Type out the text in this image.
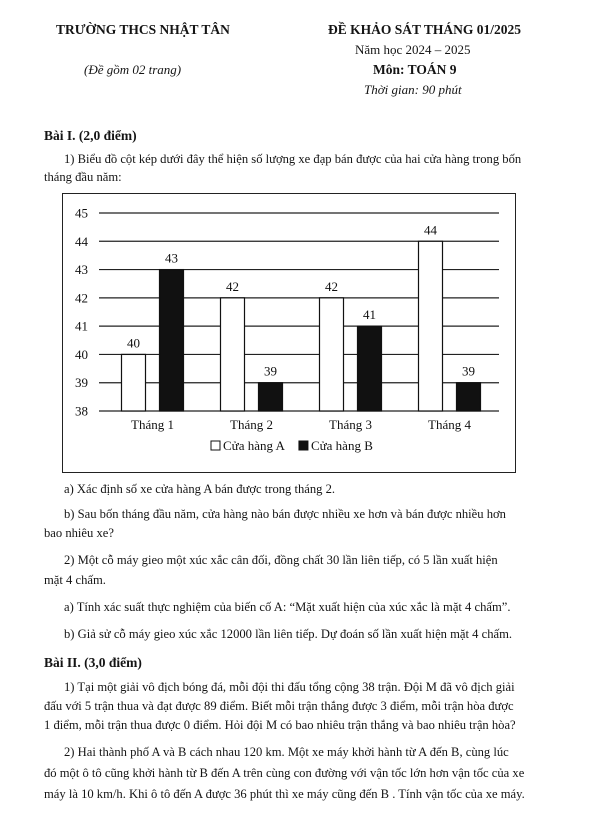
TRƯỜNG THCS NHẬT TÂN
(Đề gồm 02 trang)
ĐỀ KHẢO SÁT THÁNG 01/2025
Năm học 2024 – 2025
Môn: TOÁN 9
Thời gian: 90 phút
Bài I. (2,0 điểm)
1) Biểu đồ cột kép dưới đây thể hiện số lượng xe đạp bán được của hai cửa hàng trong bốn tháng đầu năm:
38
39
40
41
42
43
44
45
40
43
Tháng 1
42
39
Tháng 2
42
41
Tháng 3
44
39
Tháng 4
Cửa hàng A Cửa hàng B
a) Xác định số xe cửa hàng A bán được trong tháng 2.
b) Sau bốn tháng đầu năm, cửa hàng nào bán được nhiều xe hơn và bán được nhiều hơn
bao nhiêu xe?
2) Một cỗ máy gieo một xúc xắc cân đối, đồng chất 30 lần liên tiếp, có 5 lần xuất hiện
mặt 4 chấm.
a) Tính xác suất thực nghiệm của biến cố A: “Mặt xuất hiện của xúc xắc là mặt 4 chấm”.
b) Giả sử cỗ máy gieo xúc xắc 12000 lần liên tiếp. Dự đoán số lần xuất hiện mặt 4 chấm.
Bài II. (3,0 điểm)
1) Tại một giải vô địch bóng đá, mỗi đội thi đấu tổng cộng 38 trận. Đội M đã vô địch giải
đấu với 5 trận thua và đạt được 89 điểm. Biết mỗi trận thắng được 3 điểm, mỗi trận hòa được
1 điểm, mỗi trận thua được 0 điểm. Hỏi đội M có bao nhiêu trận thắng và bao nhiêu trận hòa?
2) Hai thành phố A và B cách nhau 120 km. Một xe máy khởi hành từ A đến B, cùng lúc
đó một ô tô cũng khởi hành từ B đến A trên cùng con đường với vận tốc lớn hơn vận tốc của xe
máy là 10 km/h. Khi ô tô đến A được 36 phút thì xe máy cũng đến B . Tính vận tốc của xe máy.
